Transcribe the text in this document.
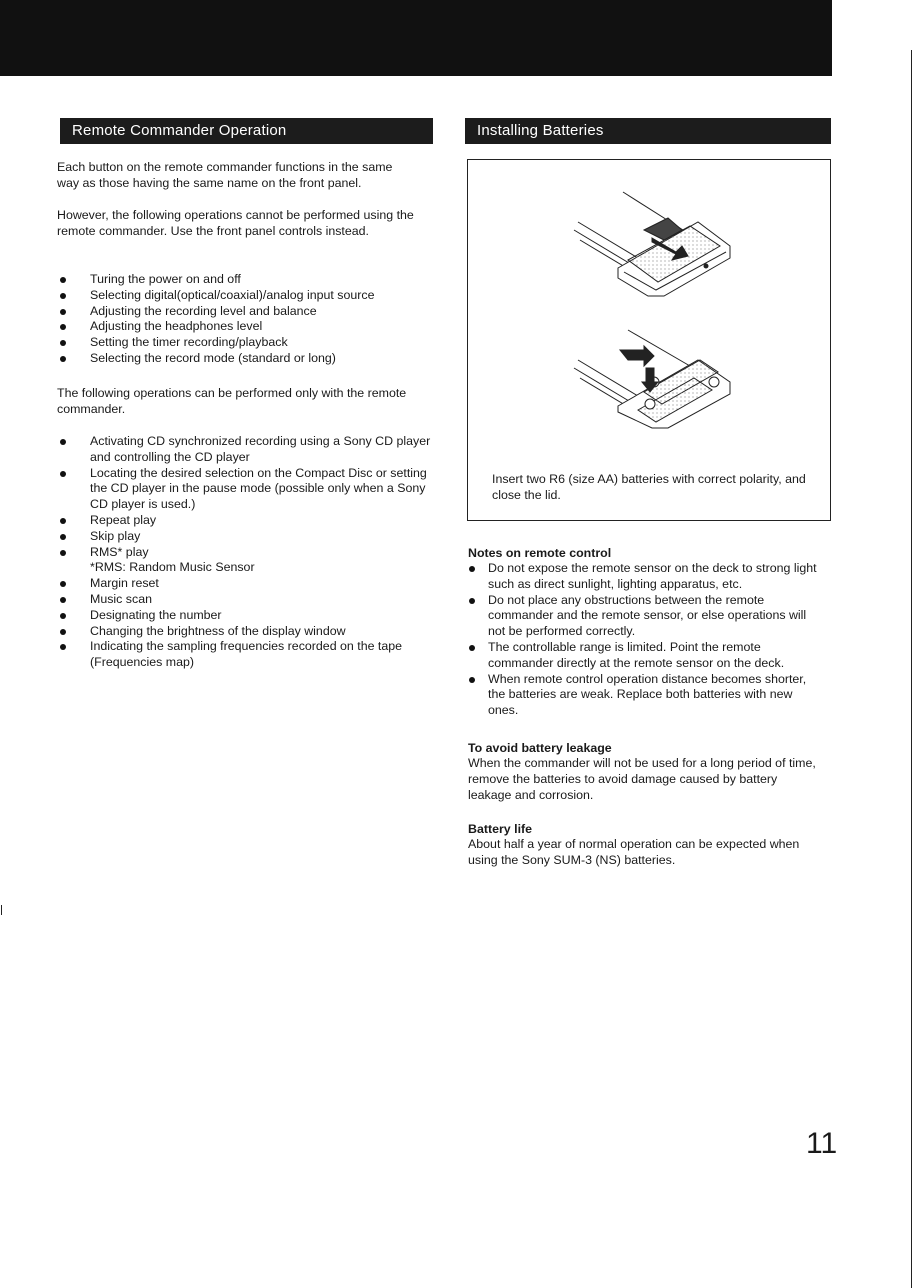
Remote Commander Operation

Each button on the remote commander functions in the same way as those having the same name on the front panel.

However, the following operations cannot be performed using the remote commander. Use the front panel controls instead.

Turing the power on and off
Selecting digital(optical/coaxial)/analog input source
Adjusting the recording level and balance
Adjusting the headphones level
Setting the timer recording/playback
Selecting the record mode (standard or long)

The following operations can be performed only with the remote commander.

Activating CD synchronized recording using a Sony CD player and controlling the CD player
Locating the desired selection on the Compact Disc or setting the CD player in the pause mode (possible only when a Sony CD player is used.)
Repeat play
Skip play
RMS* play
*RMS: Random Music Sensor
Margin reset
Music scan
Designating the number
Changing the brightness of the display window
Indicating the sampling frequencies recorded on the tape (Frequencies map)
Installing Batteries

Insert two R6 (size AA) batteries with correct polarity, and close the lid.

Notes on remote control

Do not expose the remote sensor on the deck to strong light such as direct sunlight, lighting apparatus, etc.
Do not place any obstructions between the remote commander and the remote sensor, or else operations will not be performed correctly.
The controllable range is limited. Point the remote commander directly at the remote sensor on the deck.
When remote control operation distance becomes shorter, the batteries are weak. Replace both batteries with new ones.

To avoid battery leakage

When the commander will not be used for a long period of time, remove the batteries to avoid damage caused by battery leakage and corrosion.

Battery life

About half a year of normal operation can be expected when using the Sony SUM-3 (NS) batteries.

11
